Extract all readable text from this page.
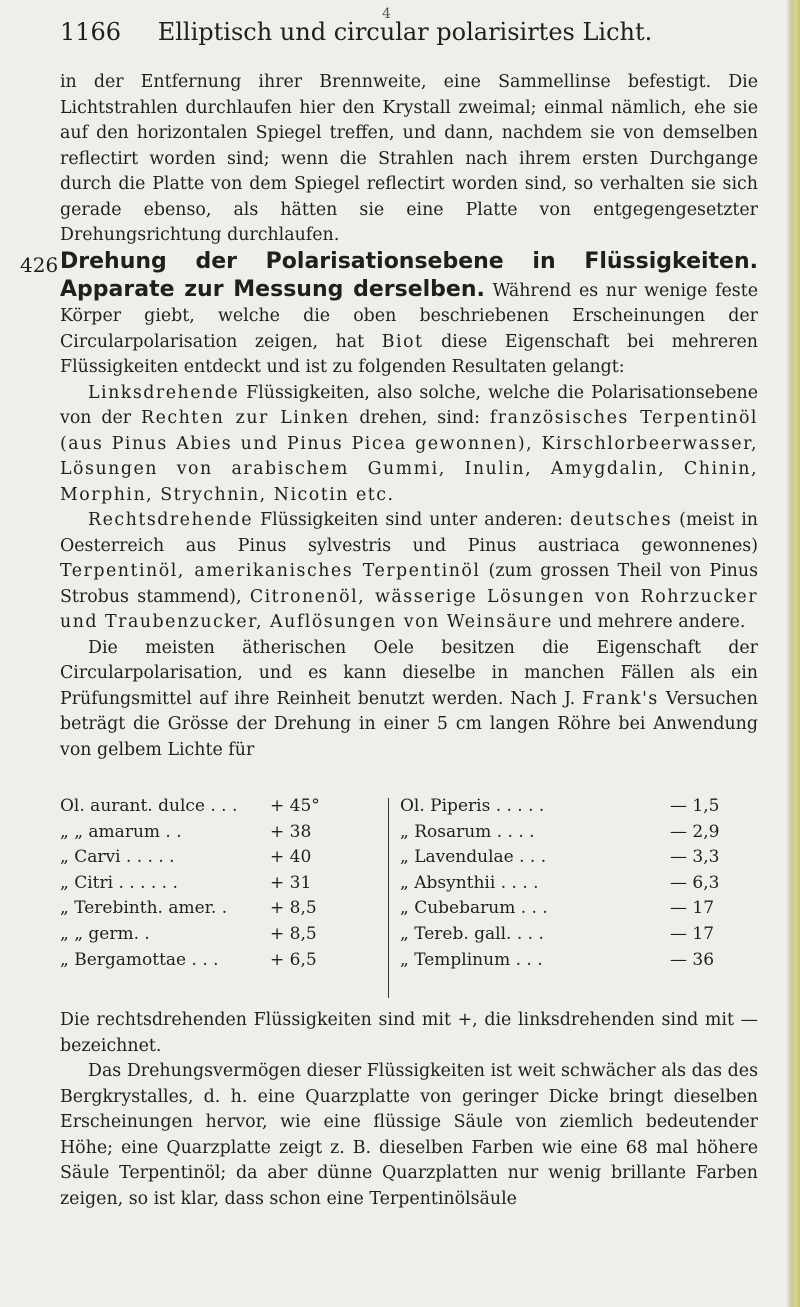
4
1166	Elliptisch und circular polarisirtes Licht.

in der Entfernung ihrer Brennweite, eine Sammellinse befestigt. Die Lichtstrahlen durchlaufen hier den Krystall zweimal; einmal nämlich, ehe sie auf den horizontalen Spiegel treffen, und dann, nachdem sie von demselben reflectirt worden sind; wenn die Strahlen nach ihrem ersten Durchgange durch die Platte von dem Spiegel reflectirt worden sind, so verhalten sie sich gerade ebenso, als hätten sie eine Platte von entgegengesetzter Drehungsrichtung durchlaufen.

426 Drehung der Polarisationsebene in Flüssigkeiten. Apparate zur Messung derselben. Während es nur wenige feste Körper giebt, welche die oben beschriebenen Erscheinungen der Circularpolarisation zeigen, hat Biot diese Eigenschaft bei mehreren Flüssigkeiten entdeckt und ist zu folgenden Resultaten gelangt:

Linksdrehende Flüssigkeiten, also solche, welche die Polarisationsebene von der Rechten zur Linken drehen, sind: französisches Terpentinöl (aus Pinus Abies und Pinus Picea gewonnen), Kirschlorbeerwasser, Lösungen von arabischem Gummi, Inulin, Amygdalin, Chinin, Morphin, Strychnin, Nicotin etc.

Rechtsdrehende Flüssigkeiten sind unter anderen: deutsches (meist in Oesterreich aus Pinus sylvestris und Pinus austriaca gewonnenes) Terpentinöl, amerikanisches Terpentinöl (zum grossen Theil von Pinus Strobus stammend), Citronenöl, wässerige Lösungen von Rohrzucker und Traubenzucker, Auflösungen von Weinsäure und mehrere andere.

Die meisten ätherischen Oele besitzen die Eigenschaft der Circularpolarisation, und es kann dieselbe in manchen Fällen als ein Prüfungsmittel auf ihre Reinheit benutzt werden. Nach J. Frank's Versuchen beträgt die Grösse der Drehung in einer 5 cm langen Röhre bei Anwendung von gelbem Lichte für

Ol. aurant. dulce . . . + 45°
„ „ amarum . .	+ 38
„ Carvi . . . . .	+ 40
„ Citri . . . . . .	+ 31
„ Terebinth. amer. .	+ 8,5
„ „ germ. .	+ 8,5
„ Bergamottae . . .	+ 6,5
Ol. Piperis . . . . .	— 1,5
„ Rosarum . . . .	— 2,9
„ Lavendulae . . .	— 3,3
„ Absynthii . . . .	— 6,3
„ Cubebarum . . .	— 17
„ Tereb. gall. . . .	— 17
„ Templinum . . .	— 36

Die rechtsdrehenden Flüssigkeiten sind mit +, die linksdrehenden sind mit — bezeichnet.

Das Drehungsvermögen dieser Flüssigkeiten ist weit schwächer als das des Bergkrystalles, d. h. eine Quarzplatte von geringer Dicke bringt dieselben Erscheinungen hervor, wie eine flüssige Säule von ziemlich bedeutender Höhe; eine Quarzplatte zeigt z. B. dieselben Farben wie eine 68 mal höhere Säule Terpentinöl; da aber dünne Quarzplatten nur wenig brillante Farben zeigen, so ist klar, dass schon eine Terpentinölsäule
